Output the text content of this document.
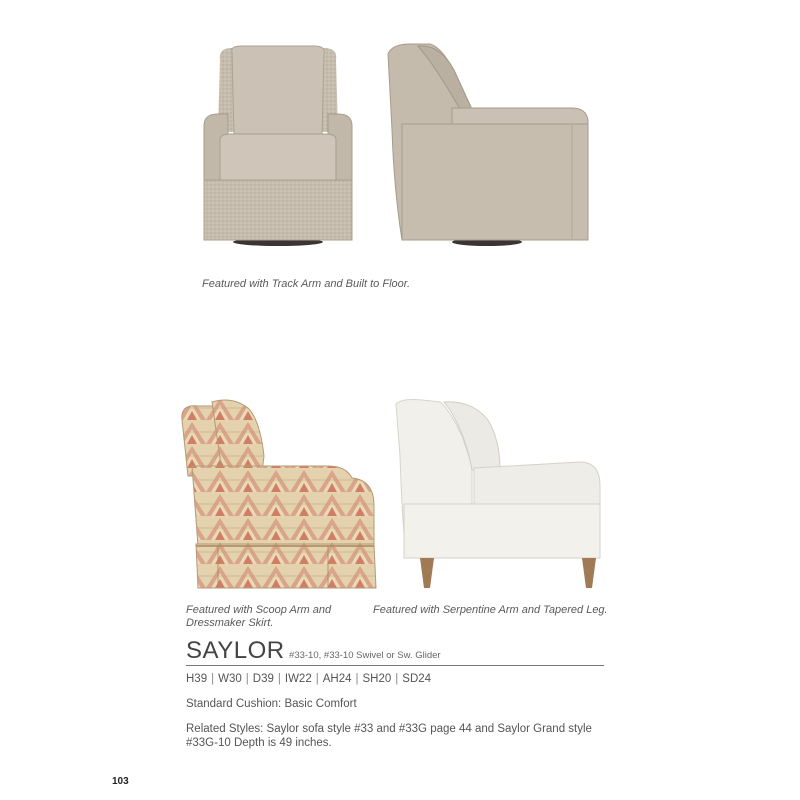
Featured with Track Arm and Built to Floor.
Featured with Scoop Arm and Dressmaker Skirt.
Featured with Serpentine Arm and Tapered Leg.
SAYLOR #33-10, #33-10 Swivel or Sw. Glider
H39 | W30 | D39 | IW22 | AH24 | SH20 | SD24
Standard Cushion: Basic Comfort
Related Styles: Saylor sofa style #33 and #33G page 44 and Saylor Grand style #33G-10 Depth is 49 inches.
103
